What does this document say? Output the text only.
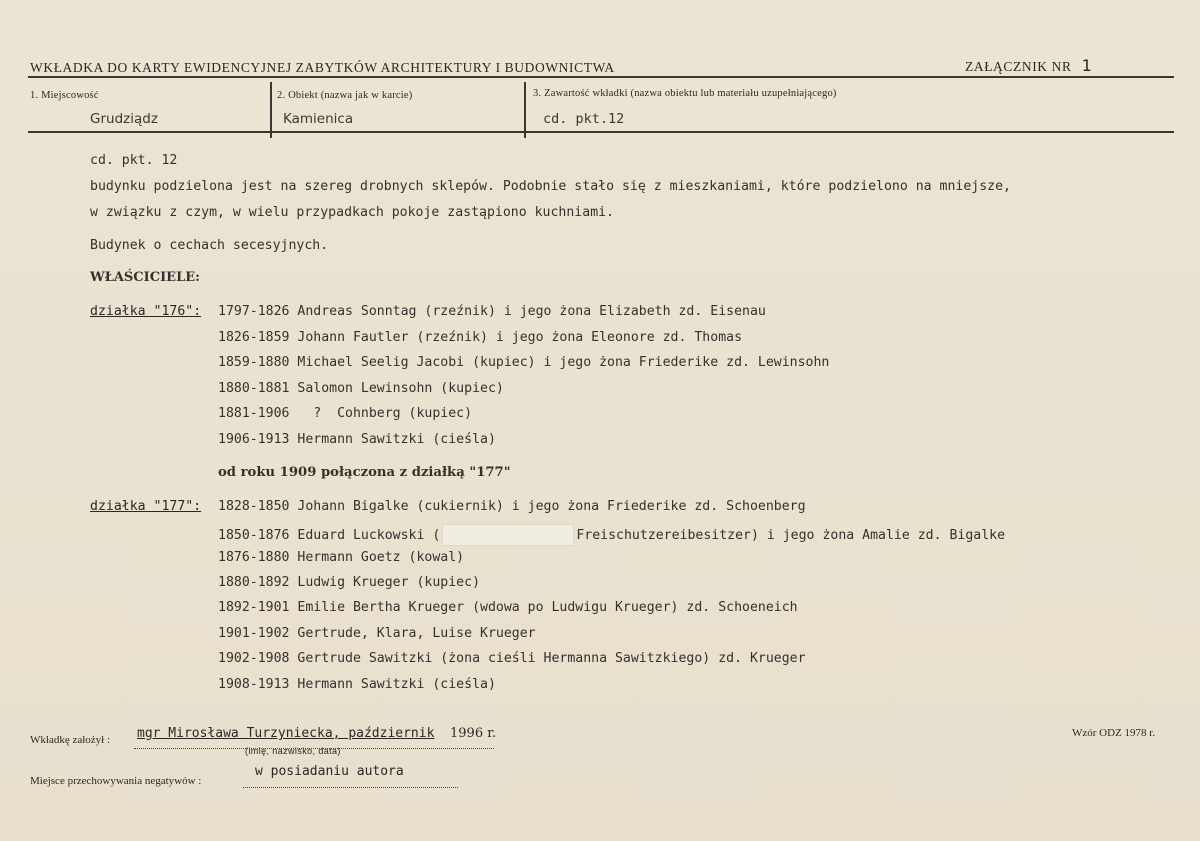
WKŁADKA DO KARTY EWIDENCYJNEJ ZABYTKÓW ARCHITEKTURY I BUDOWNICTWA	ZAŁĄCZNIK NR 1
1. Miejscowość
Grudziądz
2. Obiekt (nazwa jak w karcie)
Kamienica
3. Zawartość wkładki (nazwa obiektu lub materiału uzupełniającego)
cd. pkt.12
cd. pkt. 12
budynku podzielona jest na szereg drobnych sklepów. Podobnie stało się z mieszkaniami, które podzielono na mniejsze,
w związku z czym, w wielu przypadkach pokoje zastąpiono kuchniami.
Budynek o cechach secesyjnych.
WŁAŚCICIELE:
działka "176": 1797-1826 Andreas Sonntag (rzeźnik) i jego żona Elizabeth zd. Eisenau
1826-1859 Johann Fautler (rzeźnik) i jego żona Eleonore zd. Thomas
1859-1880 Michael Seelig Jacobi (kupiec) i jego żona Friederike zd. Lewinsohn
1880-1881 Salomon Lewinsohn (kupiec)
1881-1906   ?  Cohnberg (kupiec)
1906-1913 Hermann Sawitzki (cieśla)
od roku 1909 połączona z działką "177"
działka "177": 1828-1850 Johann Bigalke (cukiernik) i jego żona Friederike zd. Schoenberg
1850-1876 Eduard Luckowski (	Freischutzereibesitzer) i jego żona Amalie zd. Bigalke
1876-1880 Hermann Goetz (kowal)
1880-1892 Ludwig Krueger (kupiec)
1892-1901 Emilie Bertha Krueger (wdowa po Ludwigu Krueger) zd. Schoeneich
1901-1902 Gertrude, Klara, Luise Krueger
1902-1908 Gertrude Sawitzki (żona cieśli Hermanna Sawitzkiego) zd. Krueger
1908-1913 Hermann Sawitzki (cieśla)
Wkładkę założył : mgr Mirosława Turzyniecka, październik 1996 r.
(imię, nazwisko, data)
Miejsce przechowywania negatywów :
w posiadaniu autora
Wzór ODZ 1978 r.
